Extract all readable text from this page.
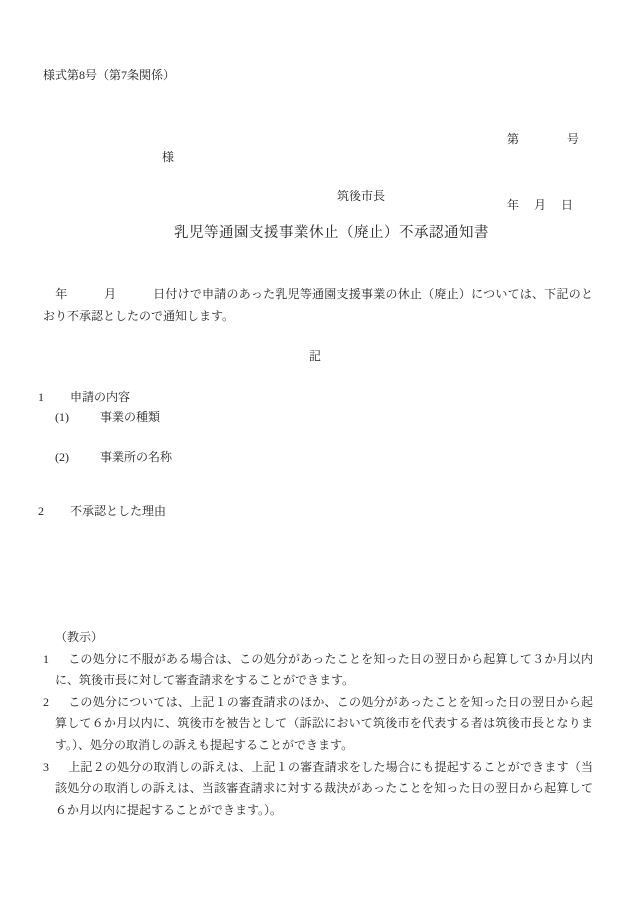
様式第8号（第7条関係）

第　　　　号

年 　月 　日

様
筑後市長
乳児等通園支援事業休止（廃止）不承認通知書
　年　　　月　　　日付けで申請のあった乳児等通園支援事業の休止（廃止）については、下記のとおり不承認としたので通知します。
記
1 申請の内容
(1)	事業の種類
(2)	事業所の名称
2 不承認とした理由
（教示）

1 この処分に不服がある場合は、この処分があったことを知った日の翌日から起算して３か月以内に、筑後市長に対して審査請求をすることができます。

2 この処分については、上記１の審査請求のほか、この処分があったことを知った日の翌日から起算して６か月以内に、筑後市を被告として（訴訟において筑後市を代表する者は筑後市長となります。）、処分の取消しの訴えも提起することができます。

3 上記２の処分の取消しの訴えは、上記１の審査請求をした場合にも提起することができます（当該処分の取消しの訴えは、当該審査請求に対する裁決があったことを知った日の翌日から起算して６か月以内に提起することができます。）。
